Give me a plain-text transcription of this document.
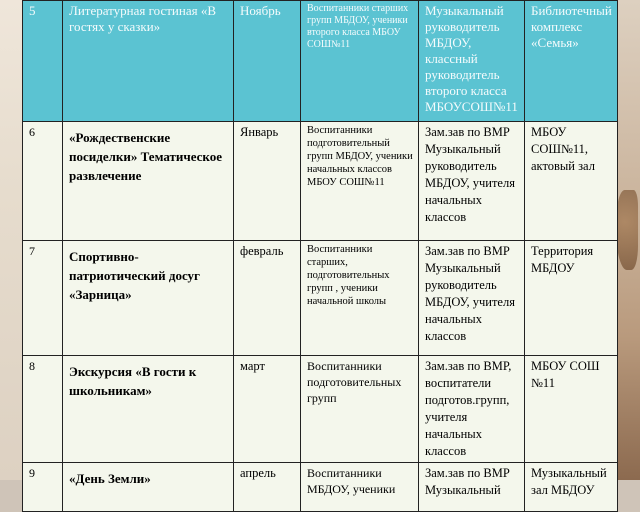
5	Литературная гостиная «В гостях у сказки»	Ноябрь	Воспитанники старших групп МБДОУ, ученики второго класса МБОУ СОШ№11	Музыкальный руководитель МБДОУ, классный руководитель второго класса МБОУСОШ№11	Библиотечный комплекс «Семья»
6	«Рождественские посиделки» Тематическое развлечение	Январь	Воспитанники подготовительный групп МБДОУ, ученики начальных классов МБОУ СОШ№11	Зам.зав по ВМР Музыкальный руководитель МБДОУ, учителя начальных классов	МБОУ СОШ№11, актовый зал
7	Спортивно-патриотический досуг «Зарница»	февраль	Воспитанники старших, подготовительных групп , ученики начальной школы	Зам.зав по ВМР Музыкальный руководитель МБДОУ, учителя начальных классов	Территория МБДОУ
8	Экскурсия «В гости к школьникам»	март	Воспитанники подготовительных групп	Зам.зав по ВМР, воспитатели подготов.групп, учителя начальных классов	МБОУ СОШ №11
9	«День Земли»	апрель	Воспитанники МБДОУ, ученики	Зам.зав по ВМР Музыкальный	Музыкальный зал МБДОУ
